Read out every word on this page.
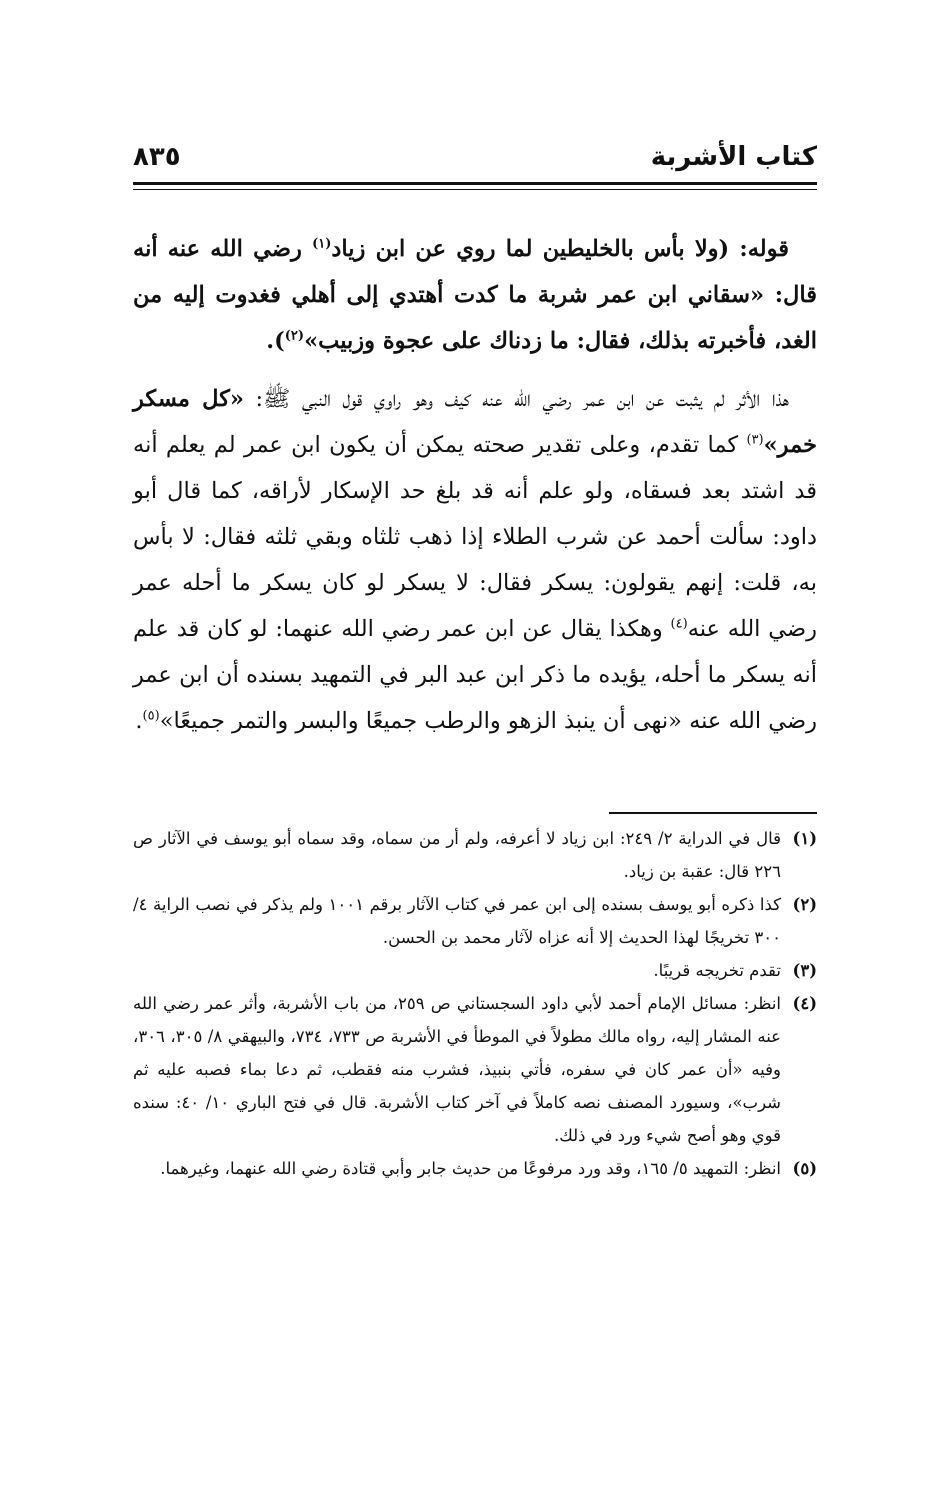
كتاب الأشربة
٨٣٥

قوله: (ولا بأس بالخليطين لما روي عن ابن زياد$^{(١)}$ رضي الله عنه أنه قال: «سقاني ابن عمر شربة ما كدت أهتدي إلى أهلي فغدوت إليه من الغد، فأخبرته بذلك، فقال: ما زدناك على عجوة وزبيب»$^{(٢)}$).

هذا الأثر لم يثبت عن ابن عمر رضي الله عنه كيف وهو راوي قول النبي ﷺ: «كل مسكر خمر»$^{(٣)}$ كما تقدم، وعلى تقدير صحته يمكن أن يكون ابن عمر لم يعلم أنه قد اشتد بعد فسقاه، ولو علم أنه قد بلغ حد الإسكار لأراقه، كما قال أبو داود: سألت أحمد عن شرب الطلاء إذا ذهب ثلثاه وبقي ثلثه فقال: لا بأس به، قلت: إنهم يقولون: يسكر فقال: لا يسكر لو كان يسكر ما أحله عمر رضي الله عنه$^{(٤)}$ وهكذا يقال عن ابن عمر رضي الله عنهما: لو كان قد علم أنه يسكر ما أحله، يؤيده ما ذكر ابن عبد البر في التمهيد بسنده أن ابن عمر رضي الله عنه «نهى أن ينبذ الزهو والرطب جميعًا والبسر والتمر جميعًا»$^{(٥)}$.

(١)
قال في الدراية ٢/ ٢٤٩: ابن زياد لا أعرفه، ولم أر من سماه، وقد سماه أبو يوسف في الآثار ص ٢٢٦ قال: عقبة بن زياد.
(٢)
كذا ذكره أبو يوسف بسنده إلى ابن عمر في كتاب الآثار برقم ١٠٠١ ولم يذكر في نصب الراية ٤/ ٣٠٠ تخريجًا لهذا الحديث إلا أنه عزاه لآثار محمد بن الحسن.
(٣)
تقدم تخريجه قريبًا.
(٤)
انظر: مسائل الإمام أحمد لأبي داود السجستاني ص ٢٥٩، من باب الأشربة، وأثر عمر رضي الله عنه المشار إليه، رواه مالك مطولاً في الموطأ في الأشربة ص ٧٣٣، ٧٣٤، والبيهقي ٨/ ٣٠٥، ٣٠٦، وفيه «أن عمر كان في سفره، فأتي بنبيذ، فشرب منه فقطب، ثم دعا بماء فصبه عليه ثم شرب»، وسيورد المصنف نصه كاملاً في آخر كتاب الأشربة. قال في فتح الباري ١٠/ ٤٠: سنده قوي وهو أصح شيء ورد في ذلك.
(٥)
انظر: التمهيد ٥/ ١٦٥، وقد ورد مرفوعًا من حديث جابر وأبي قتادة رضي الله عنهما، وغيرهما.
